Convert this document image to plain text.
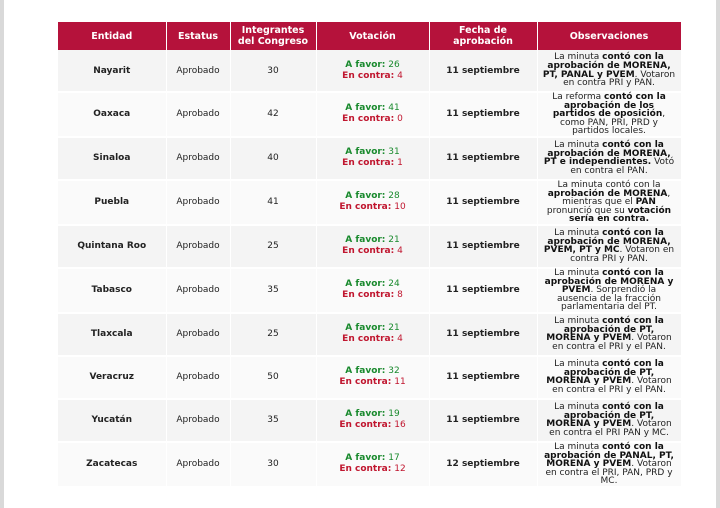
Entidad	Estatus	Integrantes del Congreso	Votación	Fecha de aprobación	Observaciones
Nayarit	Aprobado	30	A favor: 26
En contra: 4	11 septiembre	La minuta contó con la aprobación de MORENA, PT, PANAL y PVEM. Votaron en contra PRI y PAN.
Oaxaca	Aprobado	42	A favor: 41
En contra: 0	11 septiembre	La reforma contó con la aprobación de los partidos de oposición, como PAN, PRI, PRD y partidos locales.
Sinaloa	Aprobado	40	A favor: 31
En contra: 1	11 septiembre	La minuta contó con la aprobación de MORENA, PT e independientes. Votó en contra el PAN.
Puebla	Aprobado	41	A favor: 28
En contra: 10	11 septiembre	La minuta contó con la aprobación de MORENA, mientras que el PAN pronunció que su votación sería en contra.
Quintana Roo	Aprobado	25	A favor: 21
En contra: 4	11 septiembre	La minuta contó con la aprobación de MORENA, PVEM, PT y MC. Votaron en contra PRI y PAN.
Tabasco	Aprobado	35	A favor: 24
En contra: 8	11 septiembre	La minuta contó con la aprobación de MORENA y PVEM. Sorprendió la ausencia de la fracción parlamentaria del PT.
Tlaxcala	Aprobado	25	A favor: 21
En contra: 4	11 septiembre	La minuta contó con la aprobación de PT, MORENA y PVEM. Votaron en contra el PRI y el PAN.
Veracruz	Aprobado	50	A favor: 32
En contra: 11	11 septiembre	La minuta contó con la aprobación de PT, MORENA y PVEM. Votaron en contra el PRI y el PAN.
Yucatán	Aprobado	35	A favor: 19
En contra: 16	11 septiembre	La minuta contó con la aprobación de PT, MORENA y PVEM. Votaron en contra el PRI PAN y MC.
Zacatecas	Aprobado	30	A favor: 17
En contra: 12	12 septiembre	La minuta contó con la aprobación de PANAL, PT, MORENA y PVEM. Votaron en contra el PRI, PAN, PRD y MC.
